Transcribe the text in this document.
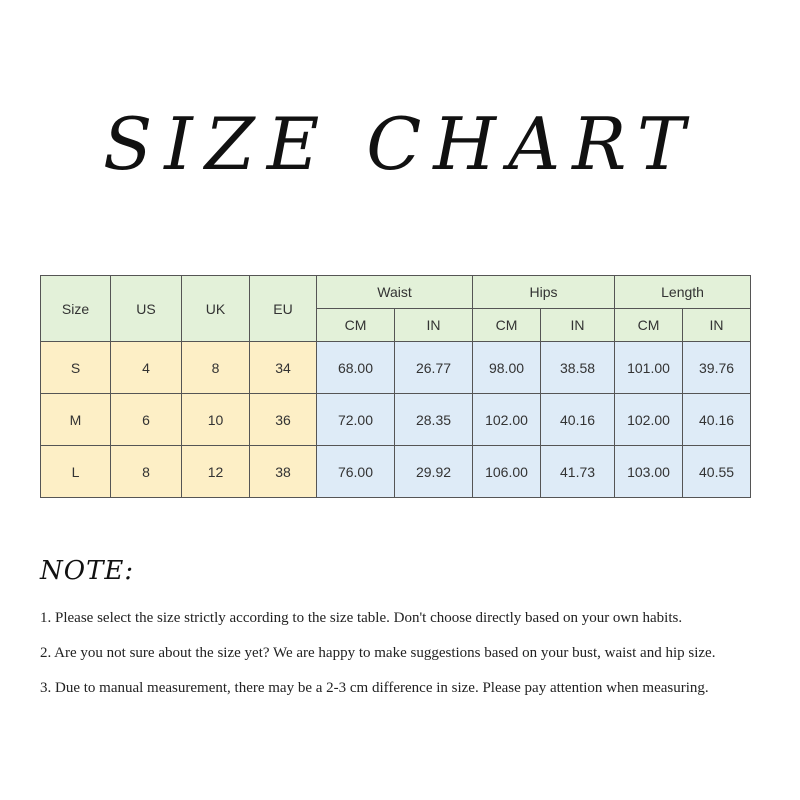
SIZE CHART
Size	US	UK	EU	Waist		Hips		Length	
				CM	IN	CM	IN	CM	IN
S	4	8	34	68.00	26.77	98.00	38.58	101.00	39.76
M	6	10	36	72.00	28.35	102.00	40.16	102.00	40.16
L	8	12	38	76.00	29.92	106.00	41.73	103.00	40.55
NOTE:
1. Please select the size strictly according to the size table. Don't choose directly based on your own habits.
2. Are you not sure about the size yet? We are happy to make suggestions based on your bust, waist and hip size.
3. Due to manual measurement, there may be a 2-3 cm difference in size. Please pay attention when measuring.
